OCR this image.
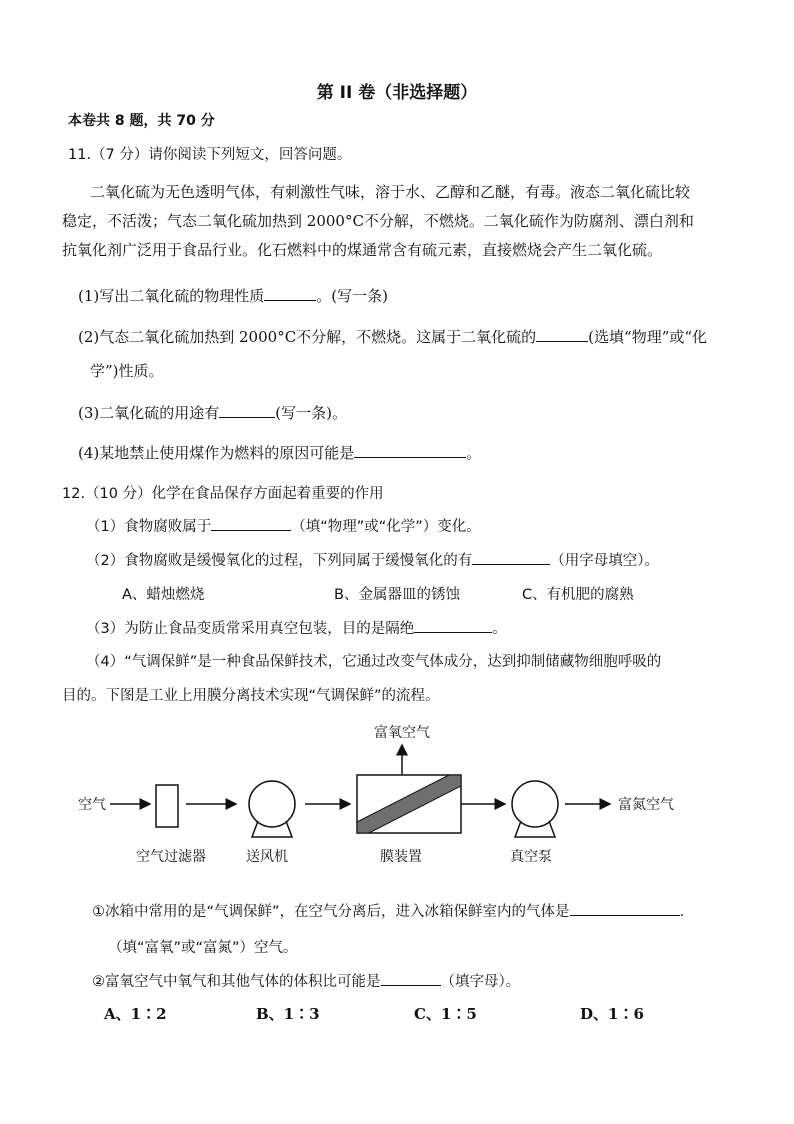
第 II 卷（非选择题）
本卷共 8 题，共 70 分
11.（7 分）请你阅读下列短文，回答问题。
二氧化硫为无色透明气体，有刺激性气味，溶于水、乙醇和乙醚，有毒。液态二氧化硫比较
稳定，不活泼；气态二氧化硫加热到 2000°C不分解，不燃烧。二氧化硫作为防腐剂、漂白剂和
抗氧化剂广泛用于食品行业。化石燃料中的煤通常含有硫元素，直接燃烧会产生二氧化硫。
(1)写出二氧化硫的物理性质	。(写一条)
(2)气态二氧化硫加热到 2000°C不分解，不燃烧。这属于二氧化硫的	(选填“物理”或“化
学”)性质。
(3)二氧化硫的用途有	(写一条)。
(4)某地禁止使用煤作为燃料的原因可能是	。
12.（10 分）化学在食品保存方面起着重要的作用
（1）食物腐败属于	（填“物理”或“化学”）变化。
（2）食物腐败是缓慢氧化的过程，下列同属于缓慢氧化的有	（用字母填空）。
A、蜡烛燃烧	B、金属器皿的锈蚀	C、有机肥的腐熟
（3）为防止食品变质常采用真空包装，目的是隔绝	。
（4）“气调保鲜”是一种食品保鲜技术，它通过改变气体成分，达到抑制储藏物细胞呼吸的
目的。下图是工业上用膜分离技术实现“气调保鲜”的流程。
空气
富氧空气
富氮空气
空气过滤器	送风机	膜装置	真空泵
①冰箱中常用的是“气调保鲜”，在空气分离后，进入冰箱保鲜室内的气体是	.
（填“富氧”或“富氮”）空气。
②富氧空气中氧气和其他气体的体积比可能是	（填字母）。
A、1∶2	B、1∶3	C、1∶5	D、1∶6
